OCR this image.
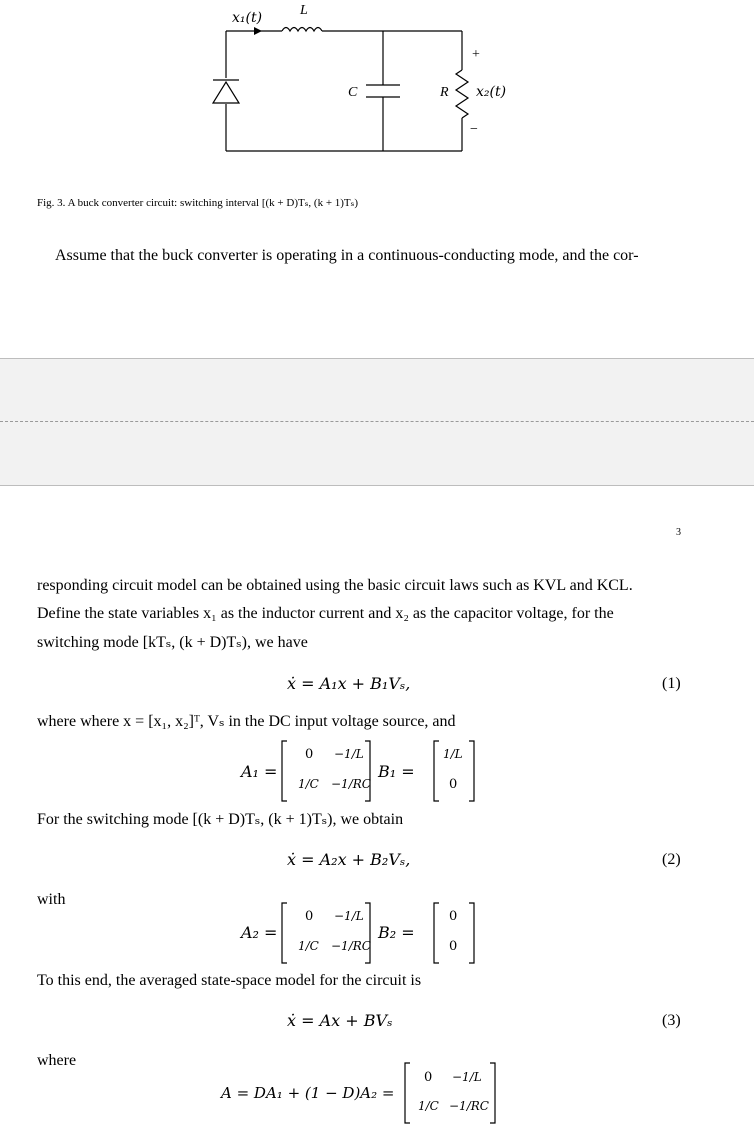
x₁(t)	L
C	R x₂(t)
+
−
Fig. 3. A buck converter circuit: switching interval [(k + D)Tₛ, (k + 1)Tₛ)
Assume that the buck converter is operating in a continuous-conducting mode, and the cor-
3
responding circuit model can be obtained using the basic circuit laws such as KVL and KCL.
Define the state variables x₁ as the inductor current and x₂ as the capacitor voltage, for the
switching mode [kTₛ, (k + D)Tₛ), we have
ẋ = A₁x + B₁Vₛ,	(1)
where where x = [x₁, x₂]ᵀ, Vₛ in the DC input voltage source, and
A₁ =
0 −1/L
1/C −1/RC
B₁ =
1/L
0
For the switching mode [(k + D)Tₛ, (k + 1)Tₛ), we obtain
ẋ = A₂x + B₂Vₛ,	(2)
with
A₂ =
0 −1/L
1/C −1/RC
B₂ =
0
0
To this end, the averaged state-space model for the circuit is
ẋ = Ax + BVₛ	(3)
where
A = DA₁ + (1 − D)A₂ =
0 −1/L
1/C −1/RC
